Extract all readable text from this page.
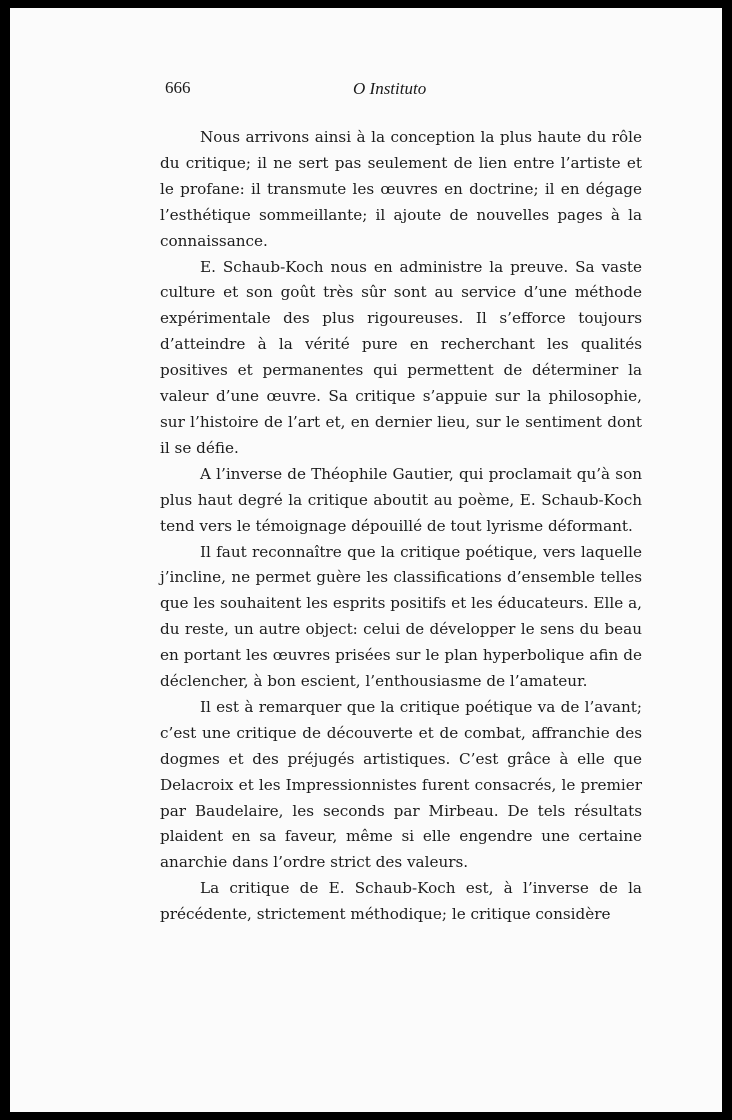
666	O Instituto

Nous arrivons ainsi à la conception la plus haute du rôle du critique; il ne sert pas seulement de lien entre l’artiste et le profane: il transmute les œuvres en doctrine; il en dégage l’esthétique sommeillante; il ajoute de nouvelles pages à la connaissance.

E. Schaub-Koch nous en administre la preuve. Sa vaste culture et son goût très sûr sont au service d’une méthode expérimentale des plus rigoureuses. Il s’efforce toujours d’atteindre à la vérité pure en recherchant les qualités positives et permanentes qui permettent de déterminer la valeur d’une œuvre. Sa critique s’appuie sur la philosophie, sur l’histoire de l’art et, en dernier lieu, sur le sentiment dont il se défie.

A l’inverse de Théophile Gautier, qui proclamait qu’à son plus haut degré la critique aboutit au poème, E. Schaub-Koch tend vers le témoignage dépouillé de tout lyrisme déformant.

Il faut reconnaître que la critique poétique, vers laquelle j’incline, ne permet guère les classifications d’ensemble telles que les souhaitent les esprits positifs et les éducateurs. Elle a, du reste, un autre object: celui de développer le sens du beau en portant les œuvres prisées sur le plan hyperbolique afin de déclencher, à bon escient, l’enthousiasme de l’amateur.

Il est à remarquer que la critique poétique va de l’avant; c’est une critique de découverte et de combat, affranchie des dogmes et des préjugés artistiques. C’est grâce à elle que Delacroix et les Impressionnistes furent consacrés, le premier par Baudelaire, les seconds par Mirbeau. De tels résultats plaident en sa faveur, même si elle engendre une certaine anarchie dans l’ordre strict des valeurs.

La critique de E. Schaub-Koch est, à l’inverse de la précédente, strictement méthodique; le critique considère
